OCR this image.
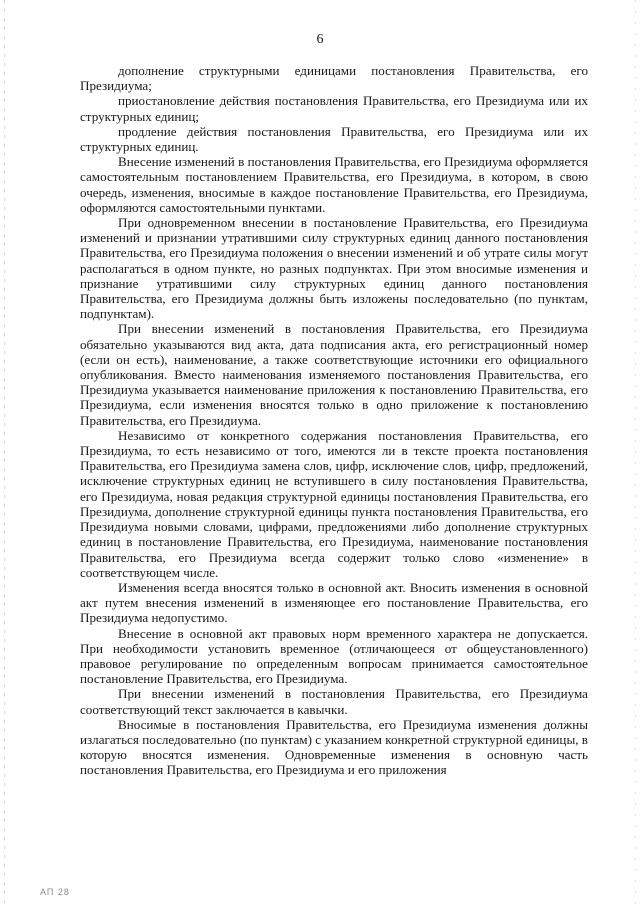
6

дополнение структурными единицами постановления Правительства, его Президиума;

приостановление действия постановления Правительства, его Президиума или их структурных единиц;

продление действия постановления Правительства, его Президиума или их структурных единиц.

Внесение изменений в постановления Правительства, его Президиума оформляется самостоятельным постановлением Правительства, его Президиума, в котором, в свою очередь, изменения, вносимые в каждое постановление Правительства, его Президиума, оформляются самостоятельными пунктами.

При одновременном внесении в постановление Правительства, его Президиума изменений и признании утратившими силу структурных единиц данного постановления Правительства, его Президиума положения о внесении изменений и об утрате силы могут располагаться в одном пункте, но разных подпунктах. При этом вносимые изменения и признание утратившими силу структурных единиц данного постановления Правительства, его Президиума должны быть изложены последовательно (по пунктам, подпунктам).

При внесении изменений в постановления Правительства, его Президиума обязательно указываются вид акта, дата подписания акта, его регистрационный номер (если он есть), наименование, а также соответствующие источники его официального опубликования. Вместо наименования изменяемого постановления Правительства, его Президиума указывается наименование приложения к постановлению Правительства, его Президиума, если изменения вносятся только в одно приложение к постановлению Правительства, его Президиума.

Независимо от конкретного содержания постановления Правительства, его Президиума, то есть независимо от того, имеются ли в тексте проекта постановления Правительства, его Президиума замена слов, цифр, исключение слов, цифр, предложений, исключение структурных единиц не вступившего в силу постановления Правительства, его Президиума, новая редакция структурной единицы постановления Правительства, его Президиума, дополнение структурной единицы пункта постановления Правительства, его Президиума новыми словами, цифрами, предложениями либо дополнение структурных единиц в постановление Правительства, его Президиума, наименование постановления Правительства, его Президиума всегда содержит только слово «изменение» в соответствующем числе.

Изменения всегда вносятся только в основной акт. Вносить изменения в основной акт путем внесения изменений в изменяющее его постановление Правительства, его Президиума недопустимо.

Внесение в основной акт правовых норм временного характера не допускается. При необходимости установить временное (отличающееся от общеустановленного) правовое регулирование по определенным вопросам принимается самостоятельное постановление Правительства, его Президиума.

При внесении изменений в постановления Правительства, его Президиума соответствующий текст заключается в кавычки.

Вносимые в постановления Правительства, его Президиума изменения должны излагаться последовательно (по пунктам) с указанием конкретной структурной единицы, в которую вносятся изменения. Одновременные изменения в основную часть постановления Правительства, его Президиума и его приложения

АП 28
